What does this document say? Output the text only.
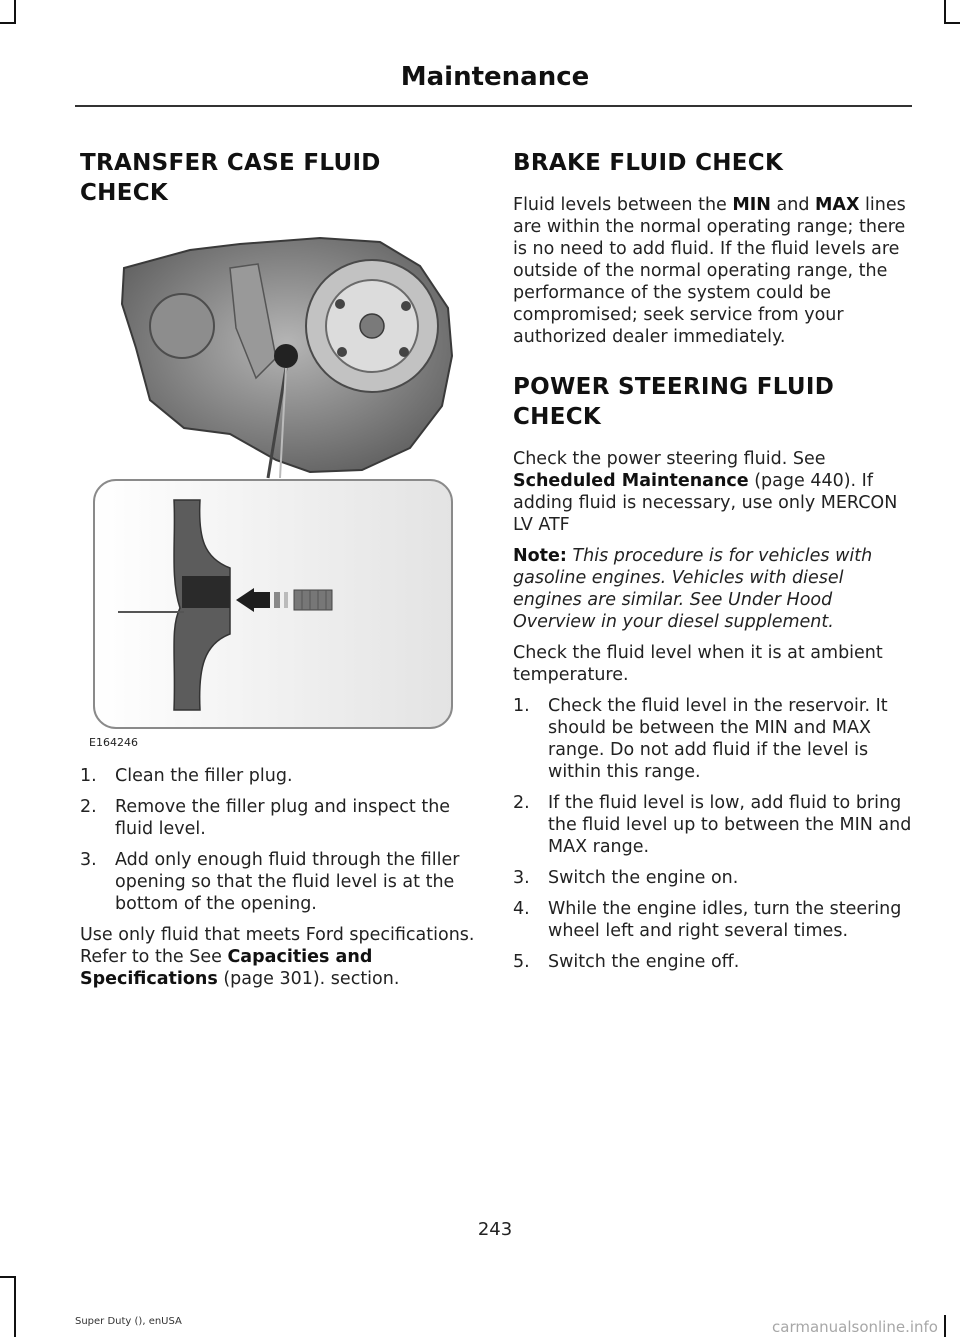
Maintenance
TRANSFER CASE FLUID
CHECK
E164246
1. Clean the filler plug.
2. Remove the filler plug and inspect the fluid level.
3. Add only enough fluid through the filler opening so that the fluid level is at the bottom of the opening.

Use only fluid that meets Ford specifications. Refer to the See Capacities and Specifications (page 301). section.

BRAKE FLUID CHECK

Fluid levels between the MIN and MAX lines are within the normal operating range; there is no need to add fluid. If the fluid levels are outside of the normal operating range, the performance of the system could be compromised; seek service from your authorized dealer immediately.

POWER STEERING FLUID
CHECK

Check the power steering fluid. See Scheduled Maintenance (page 440). If adding fluid is necessary, use only MERCON LV ATF

Note: This procedure is for vehicles with gasoline engines. Vehicles with diesel engines are similar. See Under Hood Overview in your diesel supplement.

Check the fluid level when it is at ambient temperature.

1. Check the fluid level in the reservoir. It should be between the MIN and MAX range. Do not add fluid if the level is within this range.
2. If the fluid level is low, add fluid to bring the fluid level up to between the MIN and MAX range.
3. Switch the engine on.
4. While the engine idles, turn the steering wheel left and right several times.
5. Switch the engine off.
243
Super Duty (), enUSA	carmanualsonline.info
